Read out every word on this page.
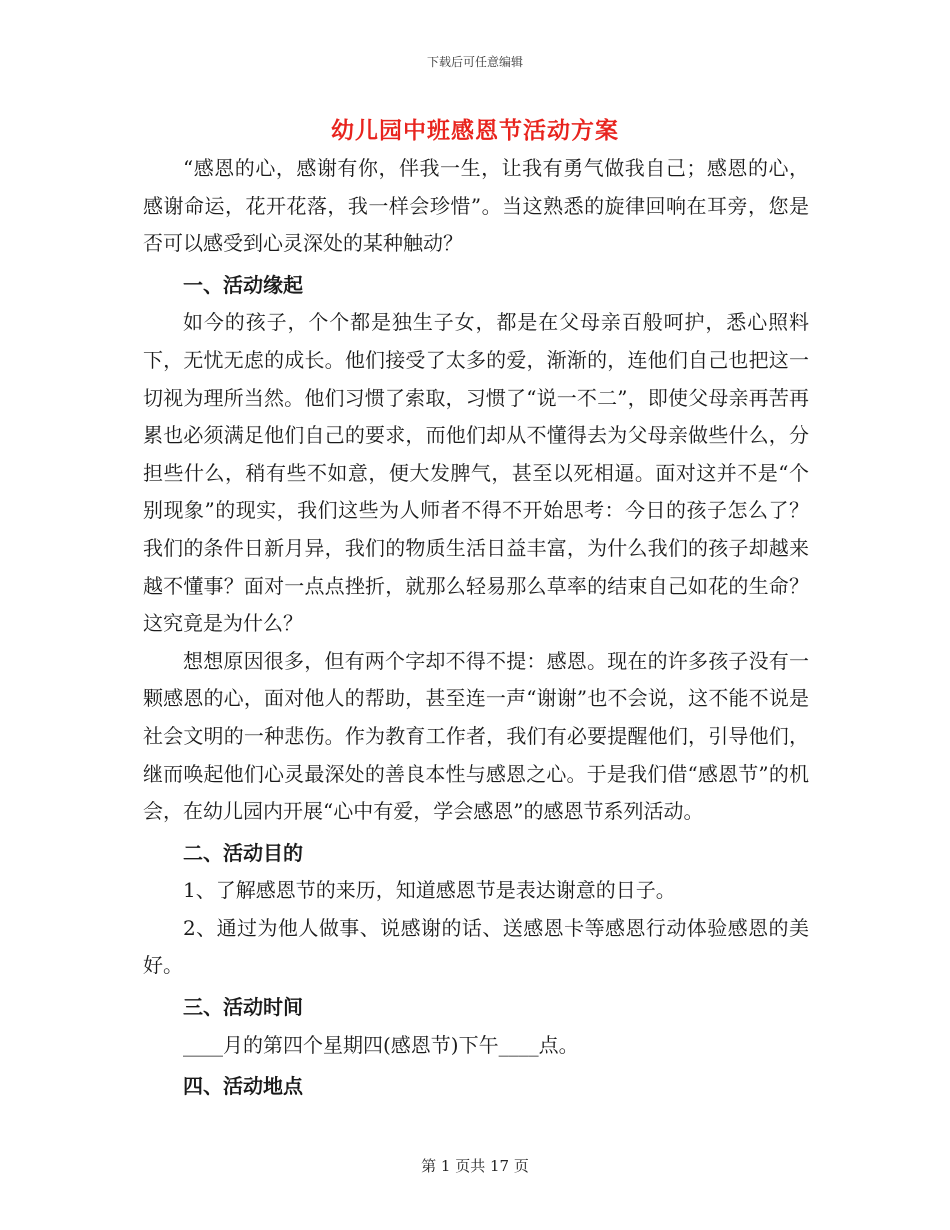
下载后可任意编辑
幼儿园中班感恩节活动方案

“感恩的心，感谢有你，伴我一生，让我有勇气做我自己；感恩的心，感谢命运，花开花落，我一样会珍惜”。当这熟悉的旋律回响在耳旁，您是否可以感受到心灵深处的某种触动？

一、活动缘起

如今的孩子，个个都是独生子女，都是在父母亲百般呵护，悉心照料下，无忧无虑的成长。他们接受了太多的爱，渐渐的，连他们自己也把这一切视为理所当然。他们习惯了索取，习惯了“说一不二”，即使父母亲再苦再累也必须满足他们自己的要求，而他们却从不懂得去为父母亲做些什么，分担些什么，稍有些不如意，便大发脾气，甚至以死相逼。面对这并不是“个别现象”的现实，我们这些为人师者不得不开始思考：今日的孩子怎么了？我们的条件日新月异，我们的物质生活日益丰富，为什么我们的孩子却越来越不懂事？面对一点点挫折，就那么轻易那么草率的结束自己如花的生命？这究竟是为什么？

想想原因很多，但有两个字却不得不提：感恩。现在的许多孩子没有一颗感恩的心，面对他人的帮助，甚至连一声“谢谢”也不会说，这不能不说是社会文明的一种悲伤。作为教育工作者，我们有必要提醒他们，引导他们，继而唤起他们心灵最深处的善良本性与感恩之心。于是我们借“感恩节”的机会，在幼儿园内开展“心中有爱，学会感恩”的感恩节系列活动。

二、活动目的

1、了解感恩节的来历，知道感恩节是表达谢意的日子。

2、通过为他人做事、说感谢的话、送感恩卡等感恩行动体验感恩的美好。

三、活动时间

____月的第四个星期四(感恩节)下午____点。

四、活动地点
第 1 页共 17 页
